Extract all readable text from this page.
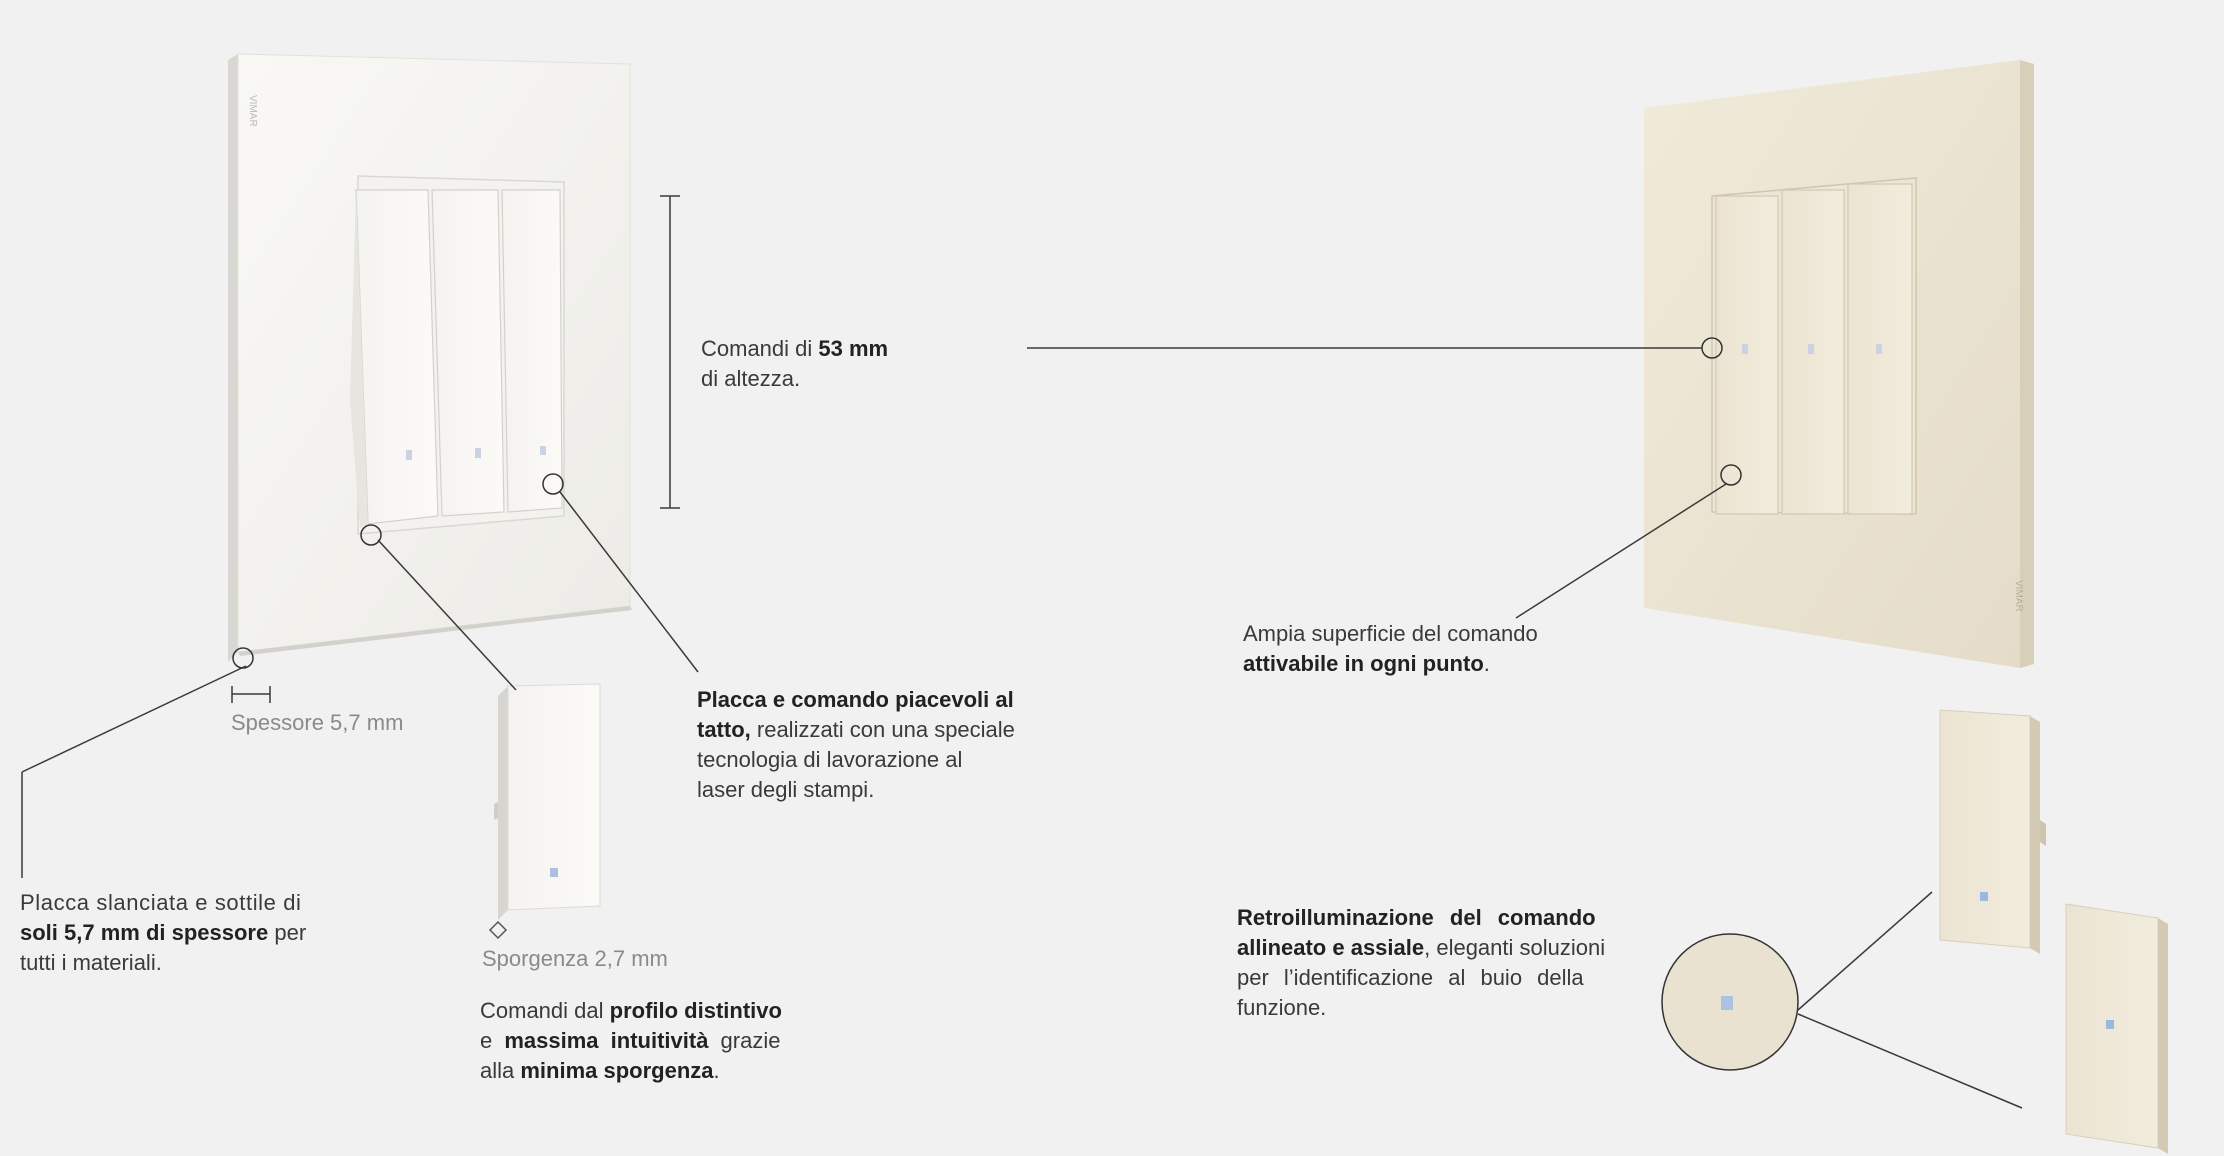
VIMAR
VIMAR
Comandi di 53 mm
di altezza.
Spessore 5,7 mm
Placca slanciata e sottile di
soli 5,7 mm di spessore per
tutti i materiali.
Placca e comando piacevoli al
tatto, realizzati con una speciale
tecnologia di lavorazione al
laser degli stampi.
Sporgenza 2,7 mm
Comandi dal profilo distintivo
e massima intuitività grazie
alla minima sporgenza.
Ampia superficie del comando
attivabile in ogni punto.
Retroilluminazione del comando
allineato e assiale, eleganti soluzioni
per l’identificazione al buio della
funzione.
